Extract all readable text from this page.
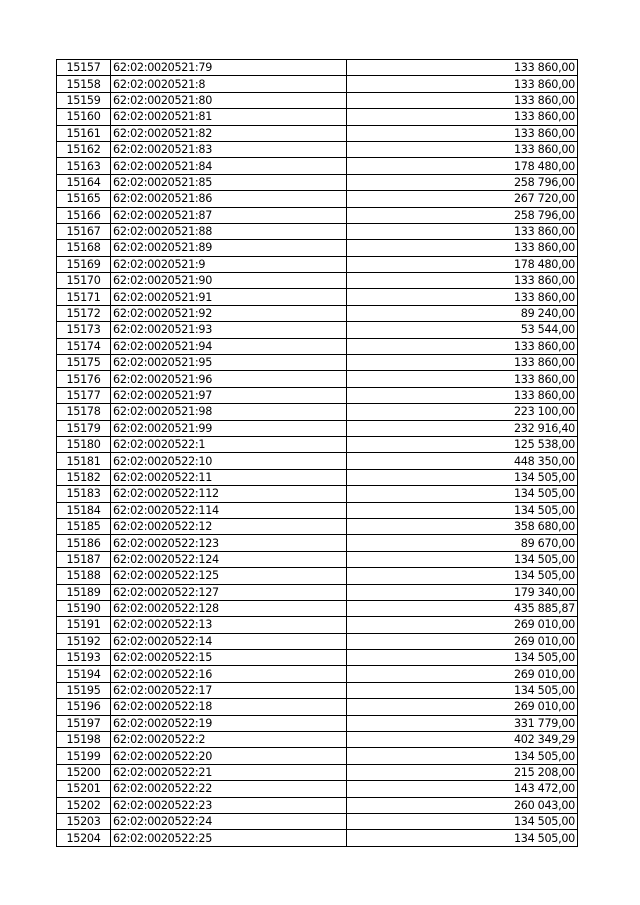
15157	62:02:0020521:79	133 860,00
15158	62:02:0020521:8	133 860,00
15159	62:02:0020521:80	133 860,00
15160	62:02:0020521:81	133 860,00
15161	62:02:0020521:82	133 860,00
15162	62:02:0020521:83	133 860,00
15163	62:02:0020521:84	178 480,00
15164	62:02:0020521:85	258 796,00
15165	62:02:0020521:86	267 720,00
15166	62:02:0020521:87	258 796,00
15167	62:02:0020521:88	133 860,00
15168	62:02:0020521:89	133 860,00
15169	62:02:0020521:9	178 480,00
15170	62:02:0020521:90	133 860,00
15171	62:02:0020521:91	133 860,00
15172	62:02:0020521:92	89 240,00
15173	62:02:0020521:93	53 544,00
15174	62:02:0020521:94	133 860,00
15175	62:02:0020521:95	133 860,00
15176	62:02:0020521:96	133 860,00
15177	62:02:0020521:97	133 860,00
15178	62:02:0020521:98	223 100,00
15179	62:02:0020521:99	232 916,40
15180	62:02:0020522:1	125 538,00
15181	62:02:0020522:10	448 350,00
15182	62:02:0020522:11	134 505,00
15183	62:02:0020522:112	134 505,00
15184	62:02:0020522:114	134 505,00
15185	62:02:0020522:12	358 680,00
15186	62:02:0020522:123	89 670,00
15187	62:02:0020522:124	134 505,00
15188	62:02:0020522:125	134 505,00
15189	62:02:0020522:127	179 340,00
15190	62:02:0020522:128	435 885,87
15191	62:02:0020522:13	269 010,00
15192	62:02:0020522:14	269 010,00
15193	62:02:0020522:15	134 505,00
15194	62:02:0020522:16	269 010,00
15195	62:02:0020522:17	134 505,00
15196	62:02:0020522:18	269 010,00
15197	62:02:0020522:19	331 779,00
15198	62:02:0020522:2	402 349,29
15199	62:02:0020522:20	134 505,00
15200	62:02:0020522:21	215 208,00
15201	62:02:0020522:22	143 472,00
15202	62:02:0020522:23	260 043,00
15203	62:02:0020522:24	134 505,00
15204	62:02:0020522:25	134 505,00
